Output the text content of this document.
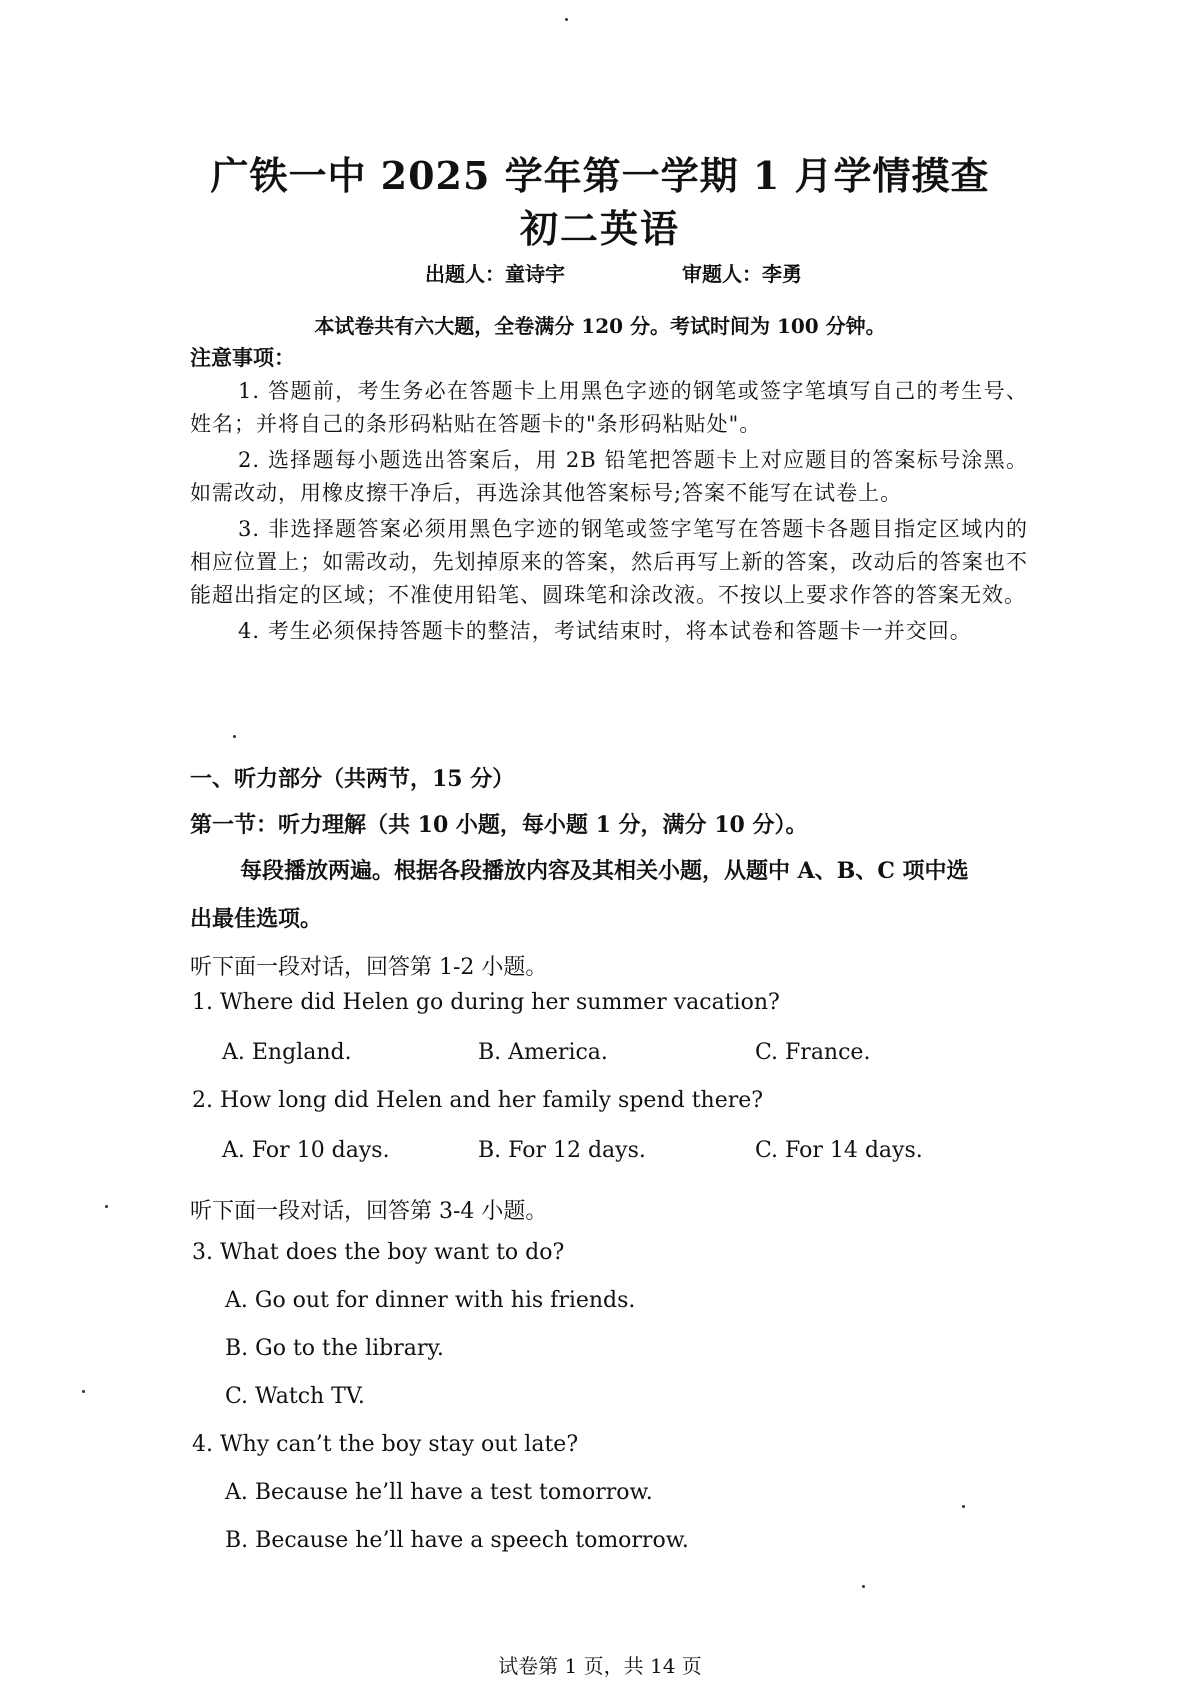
广铁一中 2025 学年第一学期 1 月学情摸查
初二英语
出题人：童诗宇	审题人：李勇
本试卷共有六大题，全卷满分 120 分。考试时间为 100 分钟。
注意事项：
1. 答题前，考生务必在答题卡上用黑色字迹的钢笔或签字笔填写自己的考生号、姓名；并将自己的条形码粘贴在答题卡的"条形码粘贴处"。
2. 选择题每小题选出答案后，用 2B 铅笔把答题卡上对应题目的答案标号涂黑。如需改动，用橡皮擦干净后，再选涂其他答案标号;答案不能写在试卷上。
3. 非选择题答案必须用黑色字迹的钢笔或签字笔写在答题卡各题目指定区域内的相应位置上；如需改动，先划掉原来的答案，然后再写上新的答案，改动后的答案也不能超出指定的区域；不准使用铅笔、圆珠笔和涂改液。不按以上要求作答的答案无效。
4. 考生必须保持答题卡的整洁，考试结束时，将本试卷和答题卡一并交回。
一、听力部分（共两节，15 分）
第一节：听力理解（共 10 小题，每小题 1 分，满分 10 分）。
每段播放两遍。根据各段播放内容及其相关小题，从题中 A、B、C 项中选
出最佳选项。
听下面一段对话，回答第 1-2 小题。
1. Where did Helen go during her summer vacation?
A. England.	B. America.	C. France.
2. How long did Helen and her family spend there?
A. For 10 days.	B. For 12 days.	C. For 14 days.
听下面一段对话，回答第 3-4 小题。
3. What does the boy want to do?
A. Go out for dinner with his friends.
B. Go to the library.
C. Watch TV.
4. Why can’t the boy stay out late?
A. Because he’ll have a test tomorrow.
B. Because he’ll have a speech tomorrow.
试卷第 1 页，共 14 页
